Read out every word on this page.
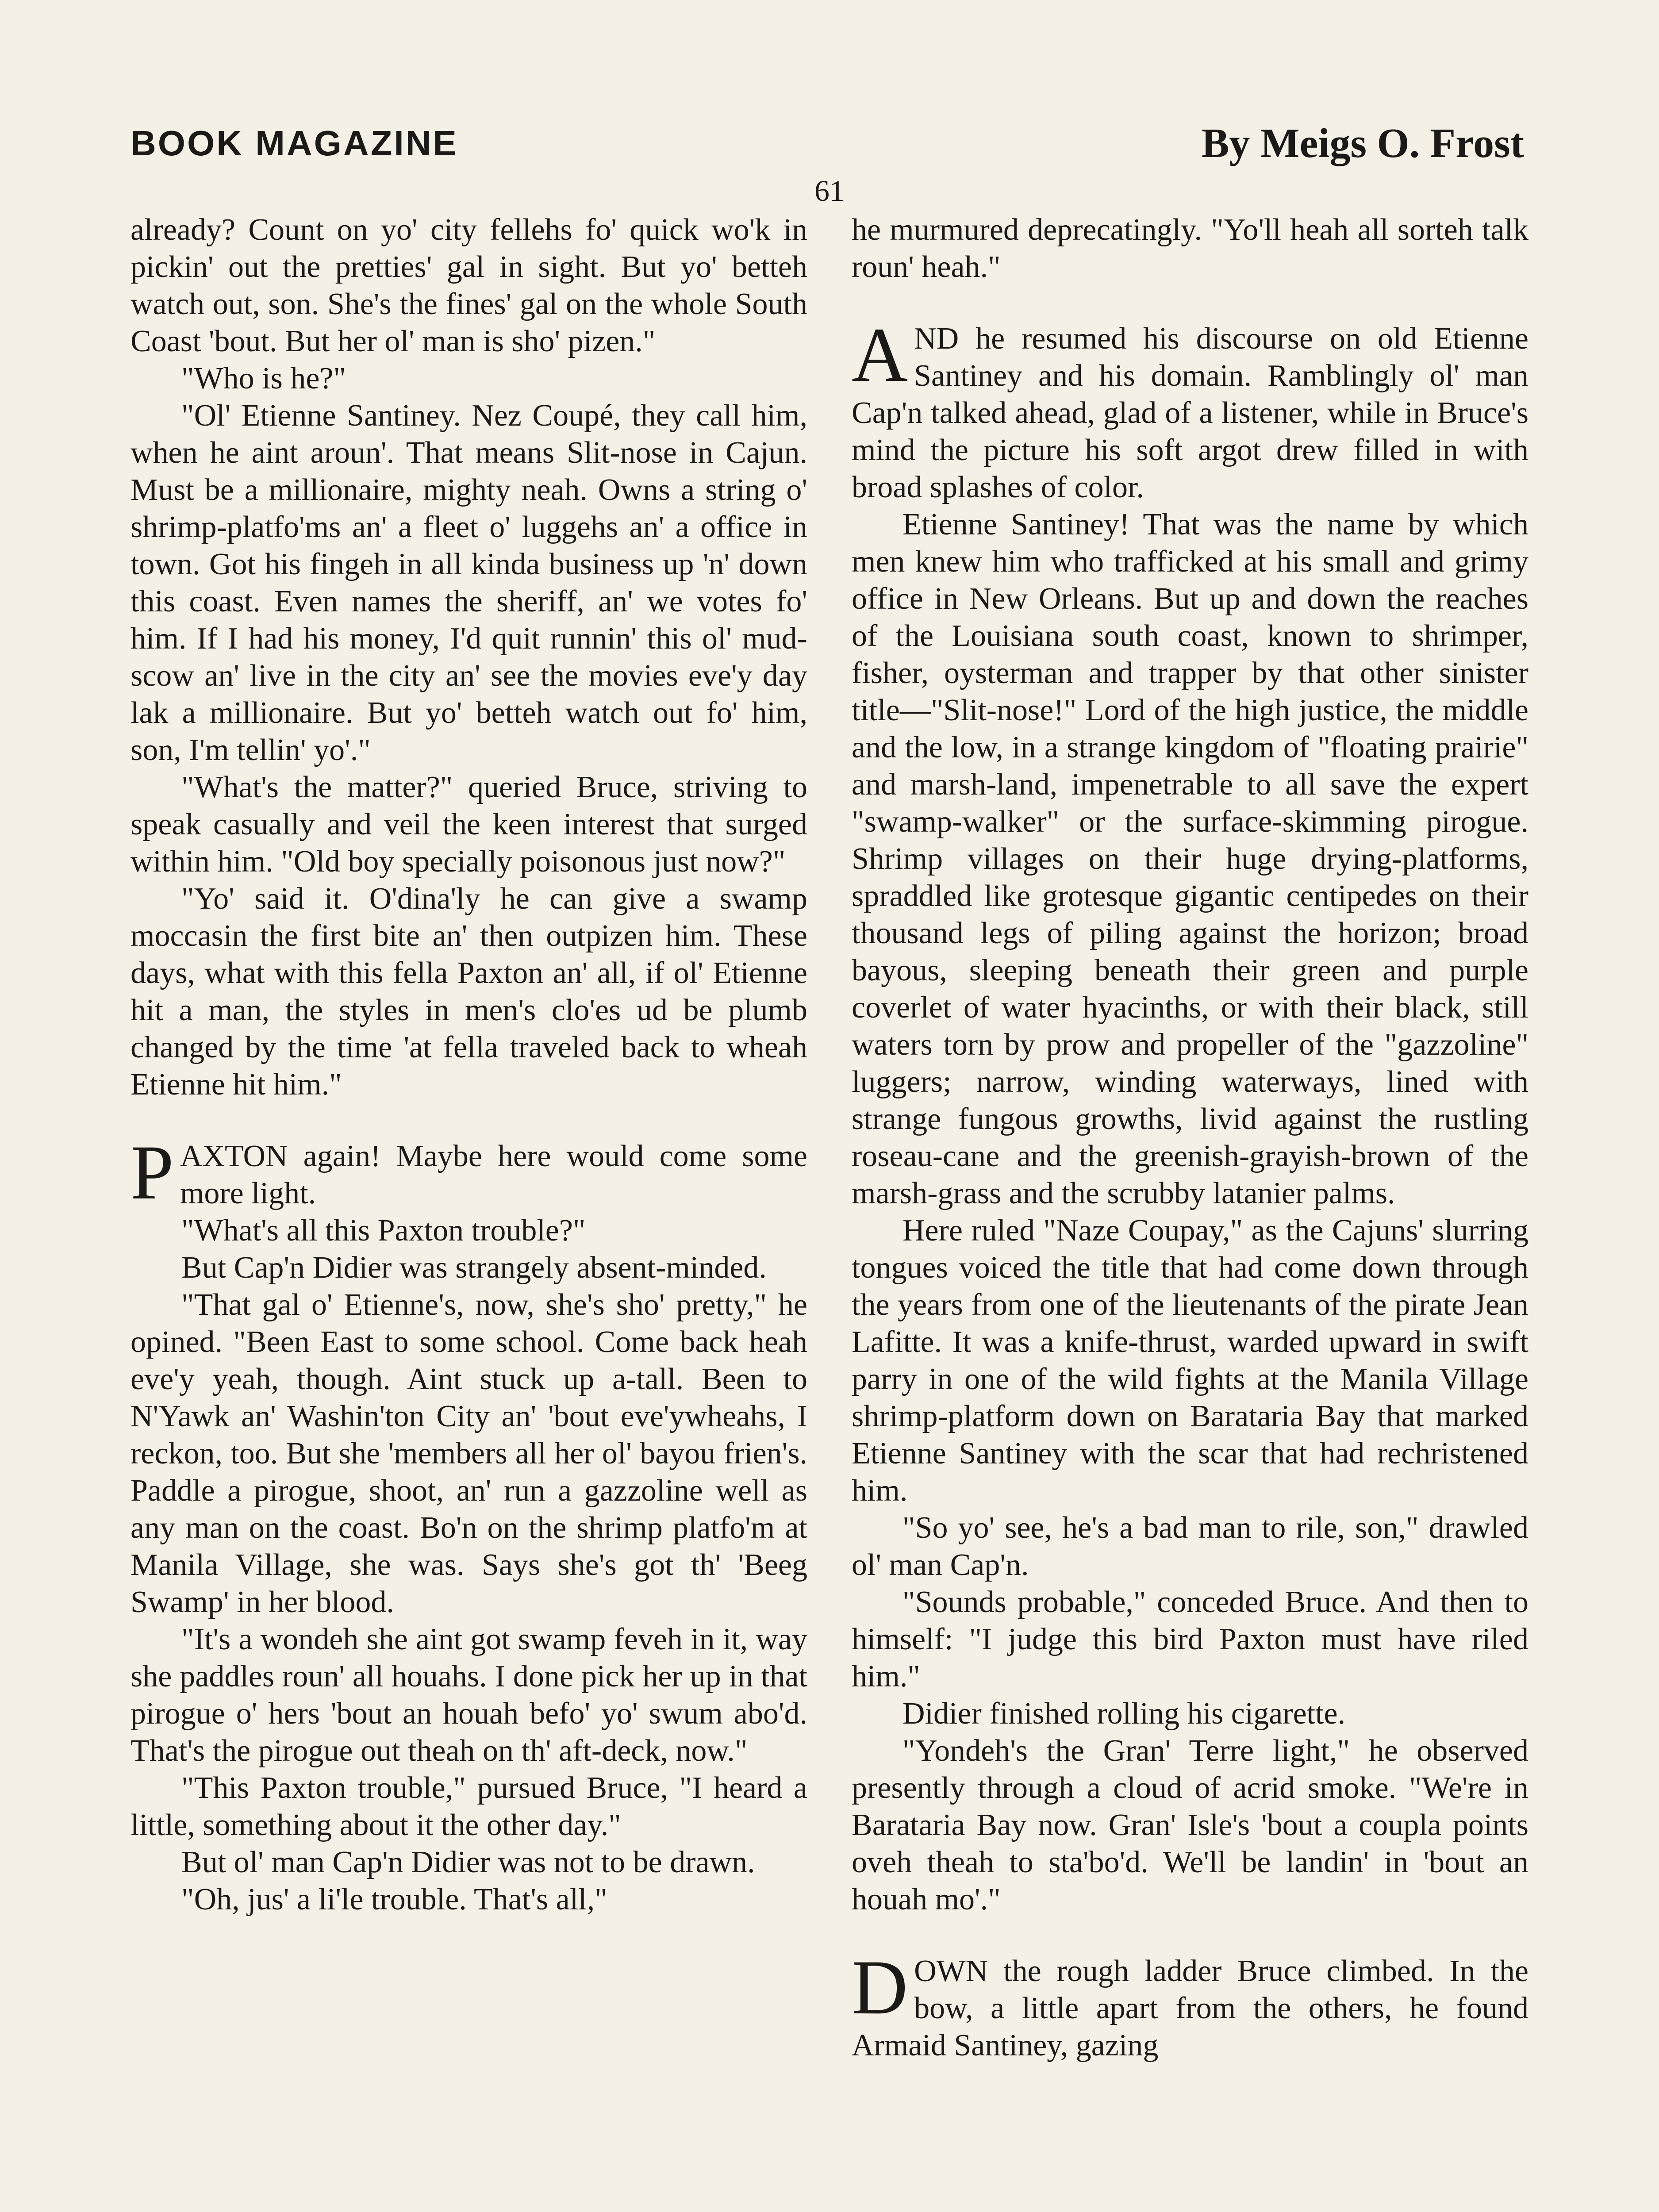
BOOK MAGAZINE	By Meigs O. Frost
61

already? Count on yo' city fellehs fo' quick wo'k in pickin' out the pretties' gal in sight. But yo' betteh watch out, son. She's the fines' gal on the whole South Coast 'bout. But her ol' man is sho' pizen."

"Who is he?"

"Ol' Etienne Santiney. Nez Coupé, they call him, when he aint aroun'. That means Slit-nose in Cajun. Must be a millionaire, mighty neah. Owns a string o' shrimp-platfo'ms an' a fleet o' luggehs an' a office in town. Got his fingeh in all kinda business up 'n' down this coast. Even names the sheriff, an' we votes fo' him. If I had his money, I'd quit runnin' this ol' mud-scow an' live in the city an' see the movies eve'y day lak a millionaire. But yo' betteh watch out fo' him, son, I'm tellin' yo'."

"What's the matter?" queried Bruce, striving to speak casually and veil the keen interest that surged within him. "Old boy specially poisonous just now?"

"Yo' said it. O'dina'ly he can give a swamp moccasin the first bite an' then outpizen him. These days, what with this fella Paxton an' all, if ol' Etienne hit a man, the styles in men's clo'es ud be plumb changed by the time 'at fella traveled back to wheah Etienne hit him."

PAXTON again! Maybe here would come some more light.

"What's all this Paxton trouble?"

But Cap'n Didier was strangely absent-minded.

"That gal o' Etienne's, now, she's sho' pretty," he opined. "Been East to some school. Come back heah eve'y yeah, though. Aint stuck up a-tall. Been to N'Yawk an' Washin'ton City an' 'bout eve'ywheahs, I reckon, too. But she 'members all her ol' bayou frien's. Paddle a pirogue, shoot, an' run a gazzoline well as any man on the coast. Bo'n on the shrimp platfo'm at Manila Village, she was. Says she's got th' 'Beeg Swamp' in her blood.

"It's a wondeh she aint got swamp feveh in it, way she paddles roun' all houahs. I done pick her up in that pirogue o' hers 'bout an houah befo' yo' swum abo'd. That's the pirogue out theah on th' aft-deck, now."

"This Paxton trouble," pursued Bruce, "I heard a little, something about it the other day."

But ol' man Cap'n Didier was not to be drawn.

"Oh, jus' a li'le trouble. That's all,"

he murmured deprecatingly. "Yo'll heah all sorteh talk roun' heah."

AND he resumed his discourse on old Etienne Santiney and his domain. Ramblingly ol' man Cap'n talked ahead, glad of a listener, while in Bruce's mind the picture his soft argot drew filled in with broad splashes of color.

Etienne Santiney! That was the name by which men knew him who trafficked at his small and grimy office in New Orleans. But up and down the reaches of the Louisiana south coast, known to shrimper, fisher, oysterman and trapper by that other sinister title—"Slit-nose!" Lord of the high justice, the middle and the low, in a strange kingdom of "floating prairie" and marsh-land, impenetrable to all save the expert "swamp-walker" or the surface-skimming pirogue. Shrimp villages on their huge drying-platforms, spraddled like grotesque gigantic centipedes on their thousand legs of piling against the horizon; broad bayous, sleeping beneath their green and purple coverlet of water hyacinths, or with their black, still waters torn by prow and propeller of the "gazzoline" luggers; narrow, winding waterways, lined with strange fungous growths, livid against the rustling roseau-cane and the greenish-grayish-brown of the marsh-grass and the scrubby latanier palms.

Here ruled "Naze Coupay," as the Cajuns' slurring tongues voiced the title that had come down through the years from one of the lieutenants of the pirate Jean Lafitte. It was a knife-thrust, warded upward in swift parry in one of the wild fights at the Manila Village shrimp-platform down on Barataria Bay that marked Etienne Santiney with the scar that had rechristened him.

"So yo' see, he's a bad man to rile, son," drawled ol' man Cap'n.

"Sounds probable," conceded Bruce. And then to himself: "I judge this bird Paxton must have riled him."

Didier finished rolling his cigarette.

"Yondeh's the Gran' Terre light," he observed presently through a cloud of acrid smoke. "We're in Barataria Bay now. Gran' Isle's 'bout a coupla points oveh theah to sta'bo'd. We'll be landin' in 'bout an houah mo'."

DOWN the rough ladder Bruce climbed. In the bow, a little apart from the others, he found Armaid Santiney, gazing
